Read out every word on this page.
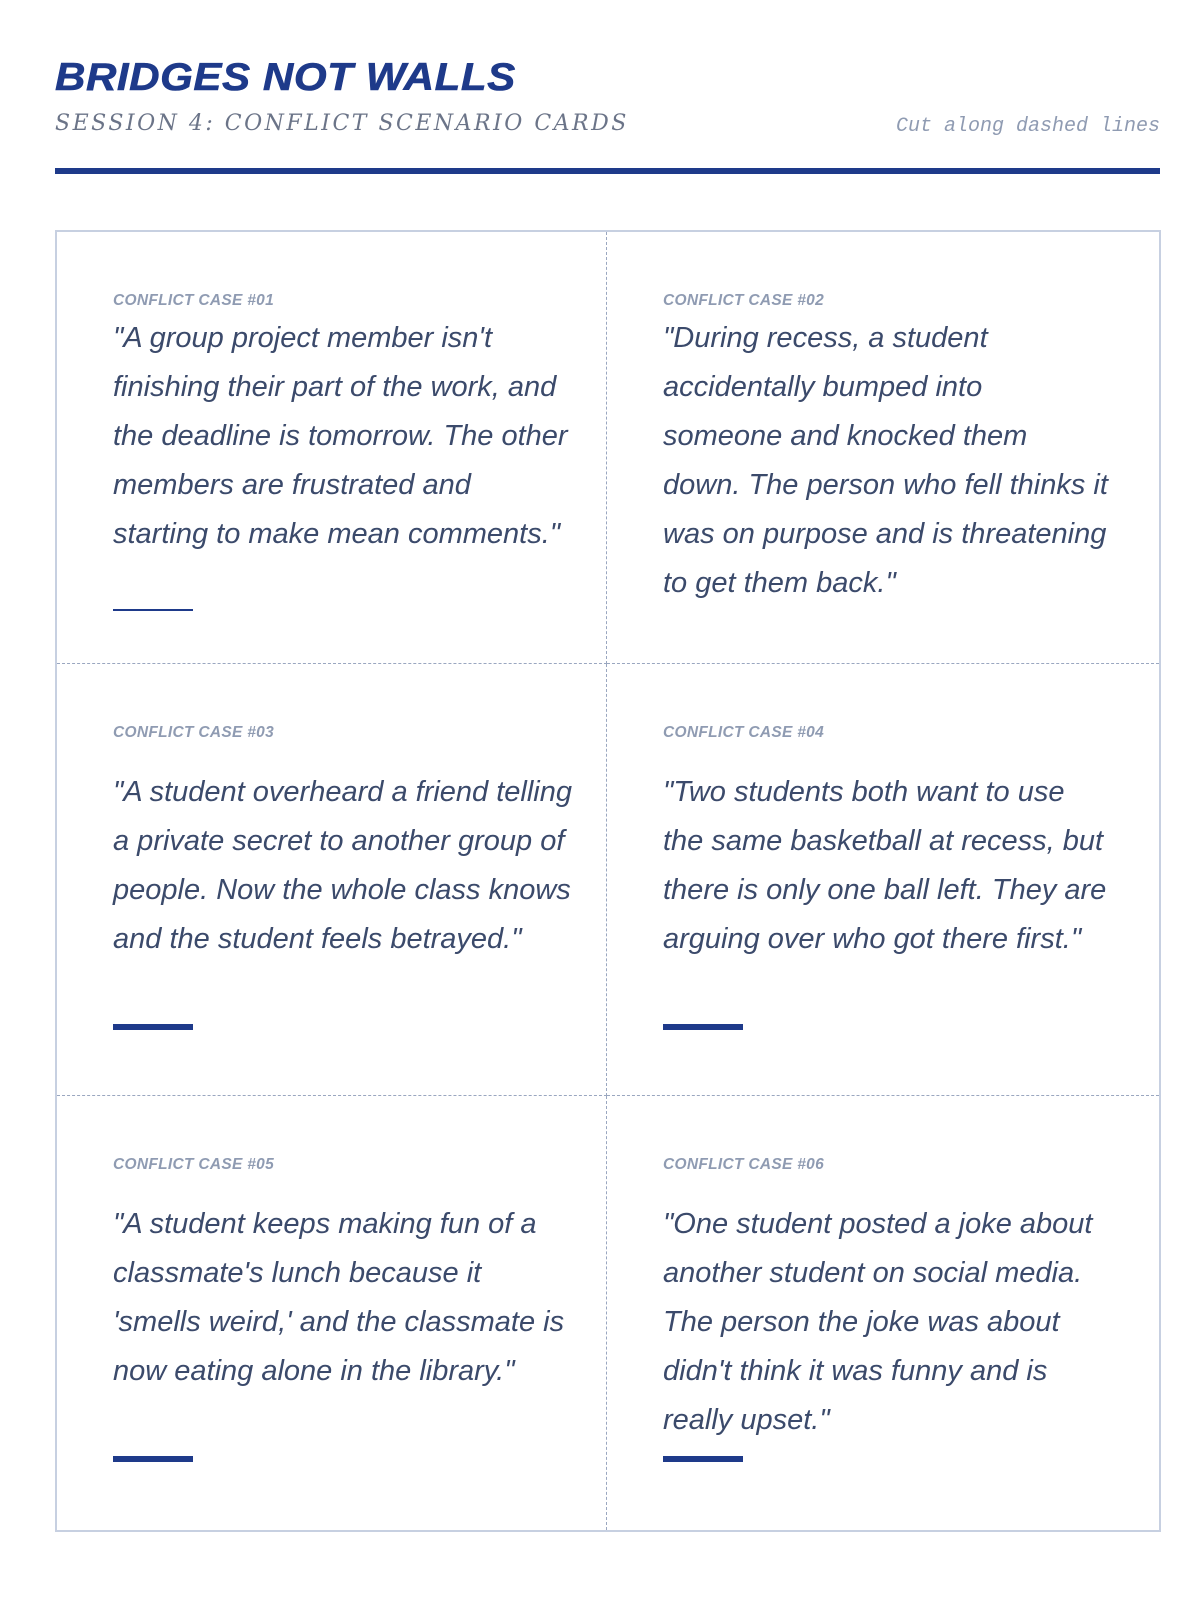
BRIDGES NOT WALLS
SESSION 4: CONFLICT SCENARIO CARDS	Cut along dashed lines
CONFLICT CASE #01
"A group project member isn't finishing their part of the work, and the deadline is tomorrow. The other members are frustrated and starting to make mean comments."
CONFLICT CASE #02
"During recess, a student accidentally bumped into someone and knocked them down. The person who fell thinks it was on purpose and is threatening to get them back."
CONFLICT CASE #03
"A student overheard a friend telling a private secret to another group of people. Now the whole class knows and the student feels betrayed."
CONFLICT CASE #04
"Two students both want to use the same basketball at recess, but there is only one ball left. They are arguing over who got there first."
CONFLICT CASE #05
"A student keeps making fun of a classmate's lunch because it 'smells weird,' and the classmate is now eating alone in the library."
CONFLICT CASE #06
"One student posted a joke about another student on social media. The person the joke was about didn't think it was funny and is really upset."
